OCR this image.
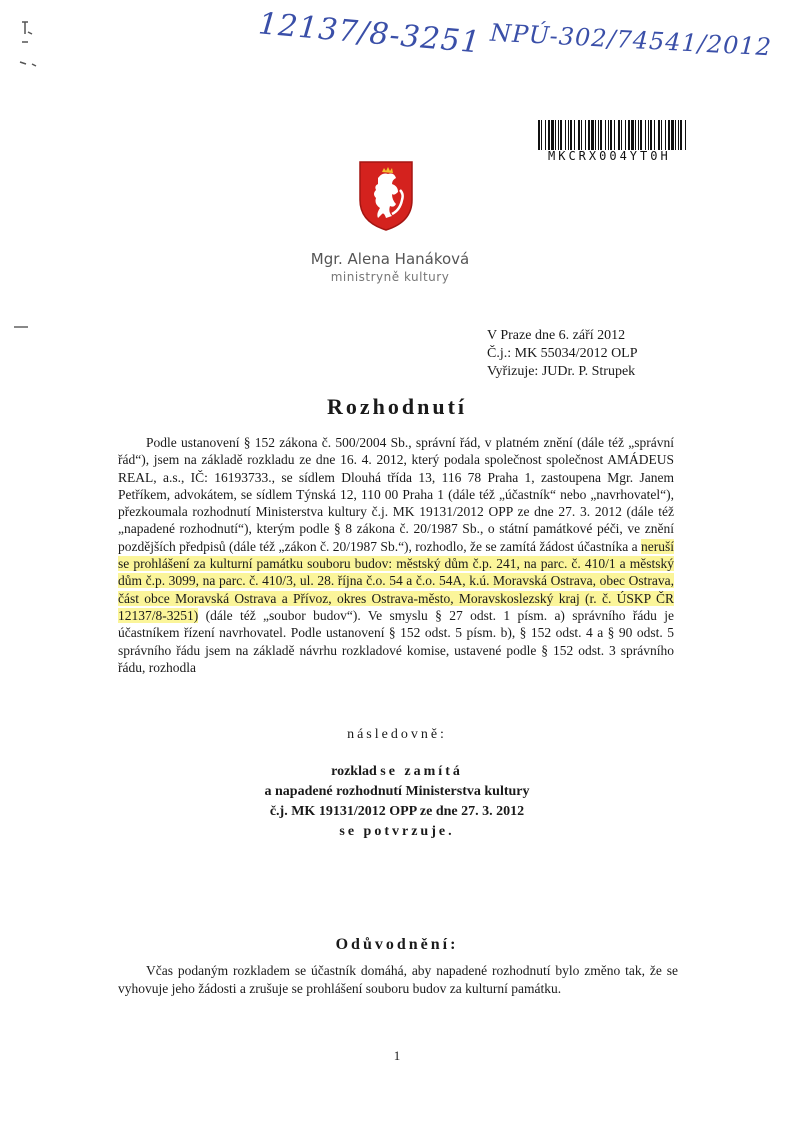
12137/8-3251 NPÚ-302/74541/2012
MKCRX004YT0H
Mgr. Alena Hanáková
ministryně kultury
V Praze dne 6. září 2012
Č.j.: MK 55034/2012 OLP
Vyřizuje: JUDr. P. Strupek
Rozhodnutí

Podle ustanovení § 152 zákona č. 500/2004 Sb., správní řád, v platném znění (dále též „správní řád“), jsem na základě rozkladu ze dne 16. 4. 2012, který podala společnost společnost AMÁDEUS REAL, a.s., IČ: 16193733., se sídlem Dlouhá třída 13, 116 78 Praha 1, zastoupena Mgr. Janem Petříkem, advokátem, se sídlem Týnská 12, 110 00 Praha 1 (dále též „účastník“ nebo „navrhovatel“), přezkoumala rozhodnutí Ministerstva kultury č.j. MK 19131/2012 OPP ze dne 27. 3. 2012 (dále též „napadené rozhodnutí“), kterým podle § 8 zákona č. 20/1987 Sb., o státní památkové péči, ve znění pozdějších předpisů (dále též „zákon č. 20/1987 Sb.“), rozhodlo, že se zamítá žádost účastníka a neruší se prohlášení za kulturní památku souboru budov: městský dům č.p. 241, na parc. č. 410/1 a městský dům č.p. 3099, na parc. č. 410/3, ul. 28. října č.o. 54 a č.o. 54A, k.ú. Moravská Ostrava, obec Ostrava, část obce Moravská Ostrava a Přívoz, okres Ostrava-město, Moravskoslezský kraj (r. č. ÚSKP ČR 12137/8-3251) (dále též „soubor budov“). Ve smyslu § 27 odst. 1 písm. a) správního řádu je účastníkem řízení navrhovatel. Podle ustanovení § 152 odst. 5 písm. b), § 152 odst. 4 a § 90 odst. 5 správního řádu jsem na základě návrhu rozkladové komise, ustavené podle § 152 odst. 3 správního řádu, rozhodla

následovně:
rozklad se zamítá
a napadené rozhodnutí Ministerstva kultury
č.j. MK 19131/2012 OPP ze dne 27. 3. 2012
se potvrzuje.
Odůvodnění:

Včas podaným rozkladem se účastník domáhá, aby napadené rozhodnutí bylo změno tak, že se vyhovuje jeho žádosti a zrušuje se prohlášení souboru budov za kulturní památku.

1
